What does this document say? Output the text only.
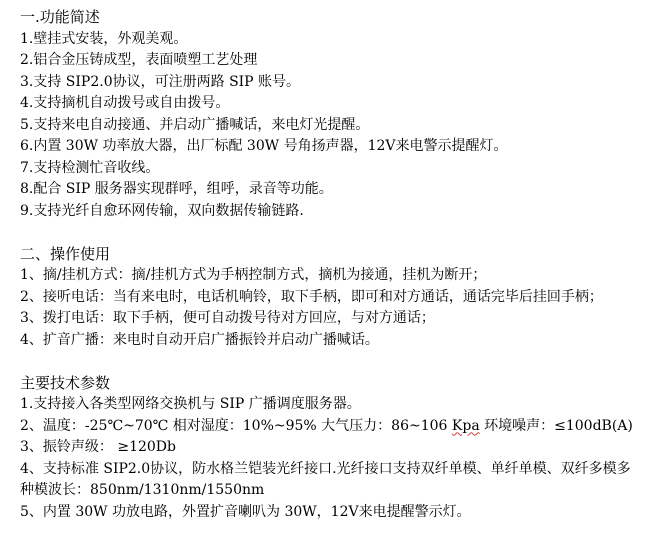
一.功能简述
1.壁挂式安装，外观美观。
2.铝合金压铸成型，表面喷塑工艺处理
3.支持 SIP2.0协议，可注册两路 SIP 账号。
4.支持摘机自动拨号或自由拨号。
5.支持来电自动接通、并启动广播喊话，来电灯光提醒。
6.内置 30W 功率放大器，出厂标配 30W 号角扬声器，12V来电警示提醒灯。
7.支持检测忙音收线。
8.配合 SIP 服务器实现群呼，组呼，录音等功能。
9.支持光纤自愈环网传输，双向数据传输链路.
二、操作使用
1、摘/挂机方式：摘/挂机方式为手柄控制方式，摘机为接通，挂机为断开；
2、接听电话：当有来电时，电话机响铃，取下手柄，即可和对方通话，通话完毕后挂回手柄；
3、拨打电话：取下手柄，便可自动拨号待对方回应，与对方通话；
4、扩音广播：来电时自动开启广播振铃并启动广播喊话。
主要技术参数
1.支持接入各类型网络交换机与 SIP 广播调度服务器。
2、温度：-25℃~70℃ 相对湿度：10%~95% 大气压力：86~106 Kpa 环境噪声：≤100dB(A)
3、振铃声级： ≥120Db
4、支持标准 SIP2.0协议，防水格兰铠装光纤接口.光纤接口支持双纤单模、单纤单模、双纤多模多种模波长：850nm/1310nm/1550nm
5、内置 30W 功放电路，外置扩音喇叭为 30W，12V来电提醒警示灯。
